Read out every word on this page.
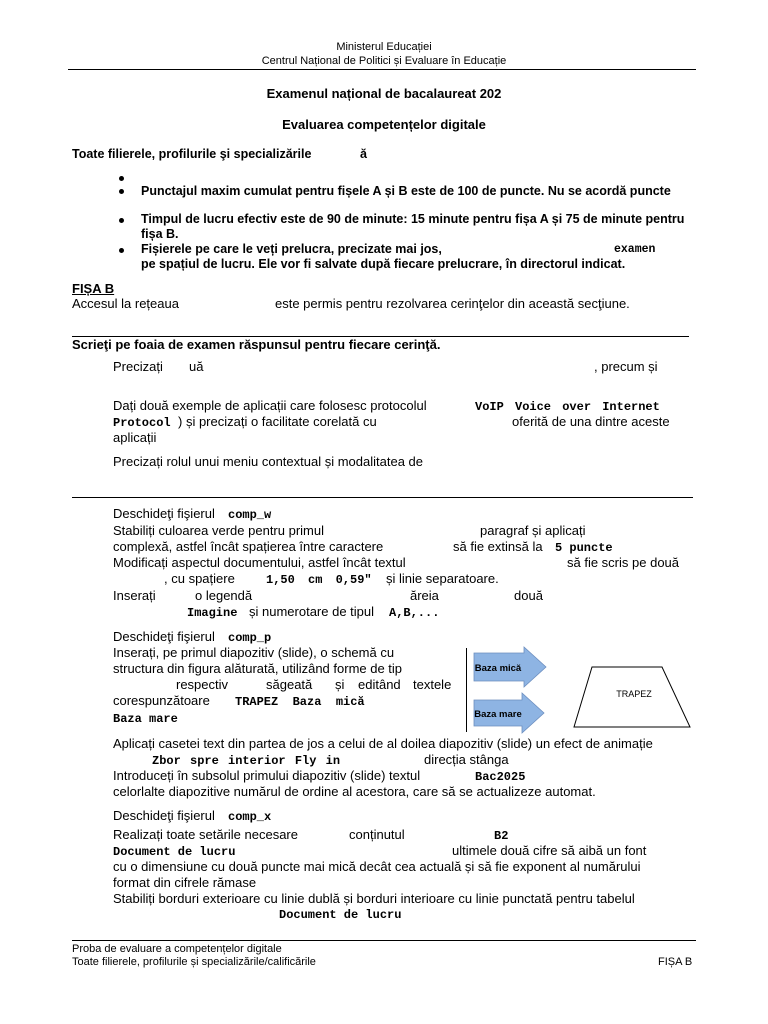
Ministerul Educației
Centrul Național de Politici și Evaluare în Educație
Examenul național de bacalaureat 202
Evaluarea competențelor digitale
Toate filierele, profilurile şi specializările	ă
Punctajul maxim cumulat pentru fișele A și B este de 100 de puncte. Nu se acordă puncte
Timpul de lucru efectiv este de 90 de minute: 15 minute pentru fișa A și 75 de minute pentru
fișa B.
Fișierele pe care le veți prelucra, precizate mai jos,	examen
pe spațiul de lucru. Ele vor fi salvate după fiecare prelucrare, în directorul indicat.
FIȘA B
Accesul la rețeaua	este permis pentru rezolvarea cerinţelor din această secţiune.
Scrieţi pe foaia de examen răspunsul pentru fiecare cerinţă.
Precizați uă	, precum și
Dați două exemple de aplicații care folosesc protocolul	VoIP Voice over Internet
Protocol ) și precizați o facilitate corelată cu	oferită de una dintre aceste
aplicații
Precizați rolul unui meniu contextual și modalitatea de
Deschideţi fişierul comp_w
Stabiliți culoarea verde pentru primul	paragraf și aplicați
complexă, astfel încât spațierea între caractere	să fie extinsă la 5 puncte
Modificați aspectul documentului, astfel încât textul	să fie scris pe două
, cu spațiere	1,50 cm 0,59″ și linie separatoare.
Inserați	o legendă	ăreia	două
Imagine și numerotare de tipul A,B,...
Deschideţi fişierul comp_p
Inserați, pe primul diapozitiv (slide), o schemă cu
structura din figura alăturată, utilizând forme de tip
respectiv	săgeată și editând textele
corespunzătoare TRAPEZ  Baza  mică
Baza mare
Baza mică
Baza mare
TRAPEZ
Aplicați casetei text din partea de jos a celui de al doilea diapozitiv (slide) un efect de animație
Zbor spre interior Fly in	direcția stânga
Introduceți în subsolul primului diapozitiv (slide) textul	Bac2025
celorlalte diapozitive numărul de ordine al acestora, care să se actualizeze automat.
Deschideţi fişierul comp_x
Realizați toate setările necesare	conținutul	B2
Document de lucru	ultimele două cifre să aibă un font
cu o dimensiune cu două puncte mai mică decât cea actuală și să fie exponent al numărului
format din cifrele rămase
Stabiliți borduri exterioare cu linie dublă și borduri interioare cu linie punctată pentru tabelul
Document de lucru
Proba de evaluare a competențelor digitale
Toate filierele, profilurile și specializările/calificările	FIȘA B
